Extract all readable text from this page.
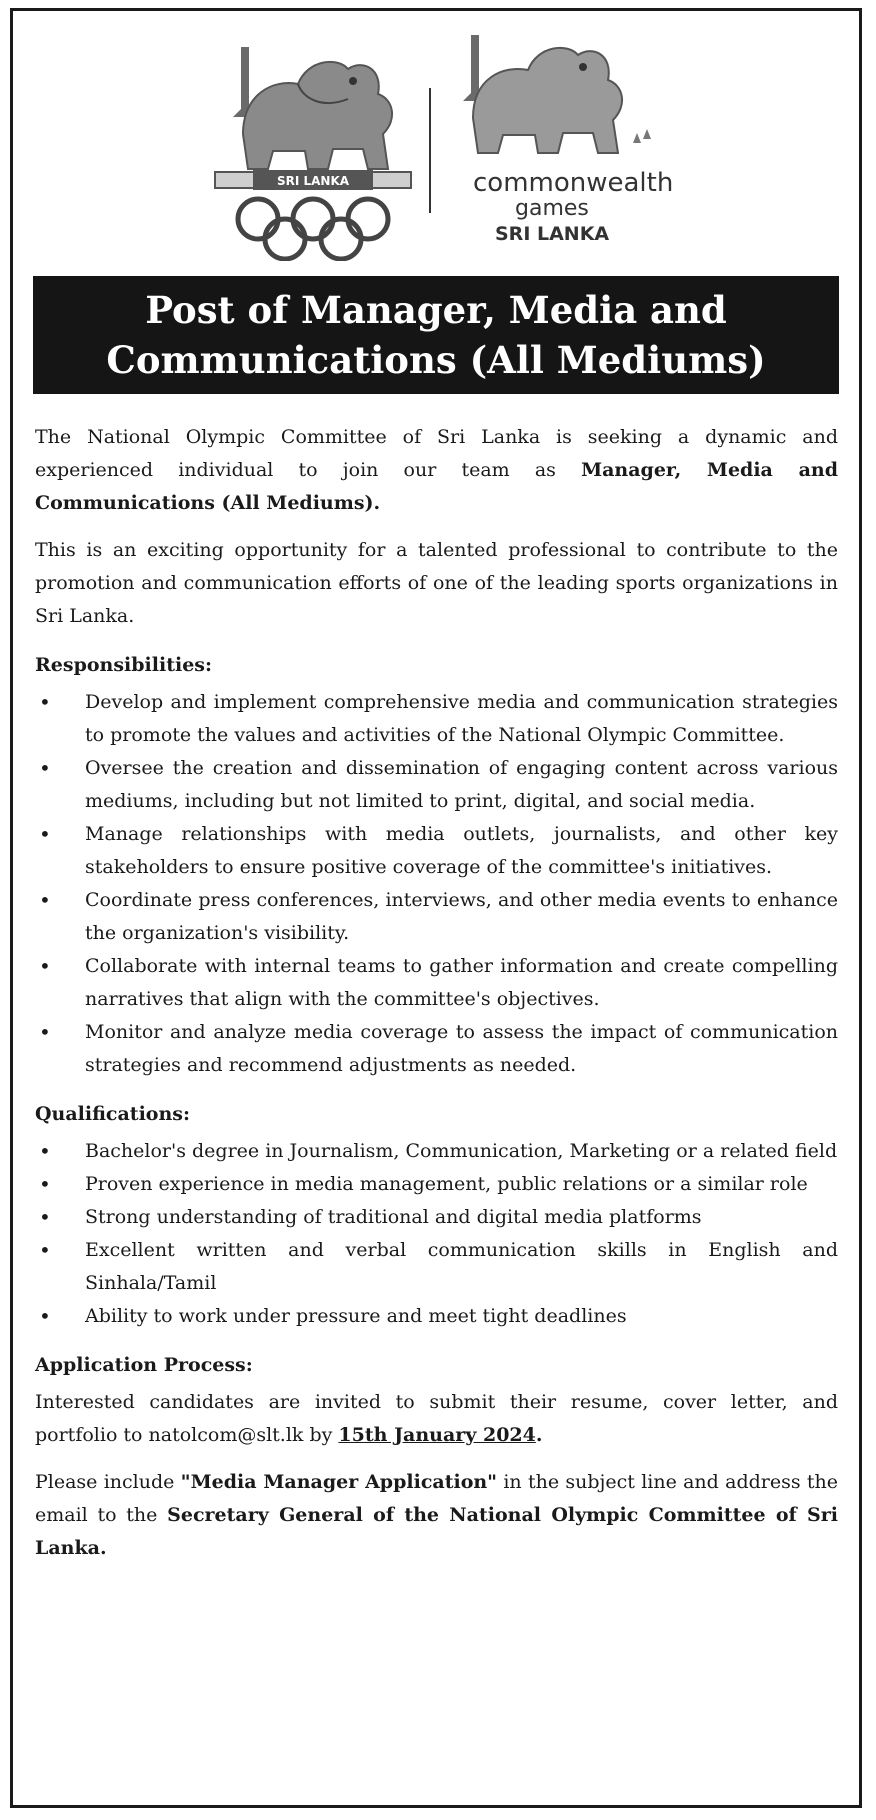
SRI LANKA	commonwealth
games
SRI LANKA
Post of Manager, Media and
Communications (All Mediums)

The National Olympic Committee of Sri Lanka is seeking a dynamic and experienced individual to join our team as Manager, Media and Communications (All Mediums).

This is an exciting opportunity for a talented professional to contribute to the promotion and communication efforts of one of the leading sports organizations in Sri Lanka.

Responsibilities:
• Develop and implement comprehensive media and communication strategies to promote the values and activities of the National Olympic Committee.
• Oversee the creation and dissemination of engaging content across various mediums, including but not limited to print, digital, and social media.
• Manage relationships with media outlets, journalists, and other key stakeholders to ensure positive coverage of the committee's initiatives.
• Coordinate press conferences, interviews, and other media events to enhance the organization's visibility.
• Collaborate with internal teams to gather information and create compelling narratives that align with the committee's objectives.
• Monitor and analyze media coverage to assess the impact of communication strategies and recommend adjustments as needed.
Qualifications:
• Bachelor's degree in Journalism, Communication, Marketing or a related field
• Proven experience in media management, public relations or a similar role
• Strong understanding of traditional and digital media platforms
• Excellent written and verbal communication skills in English and Sinhala/Tamil
• Ability to work under pressure and meet tight deadlines
Application Process:

Interested candidates are invited to submit their resume, cover letter, and portfolio to natolcom@slt.lk by 15th January 2024.

Please include "Media Manager Application" in the subject line and address the email to the Secretary General of the National Olympic Committee of Sri Lanka.
